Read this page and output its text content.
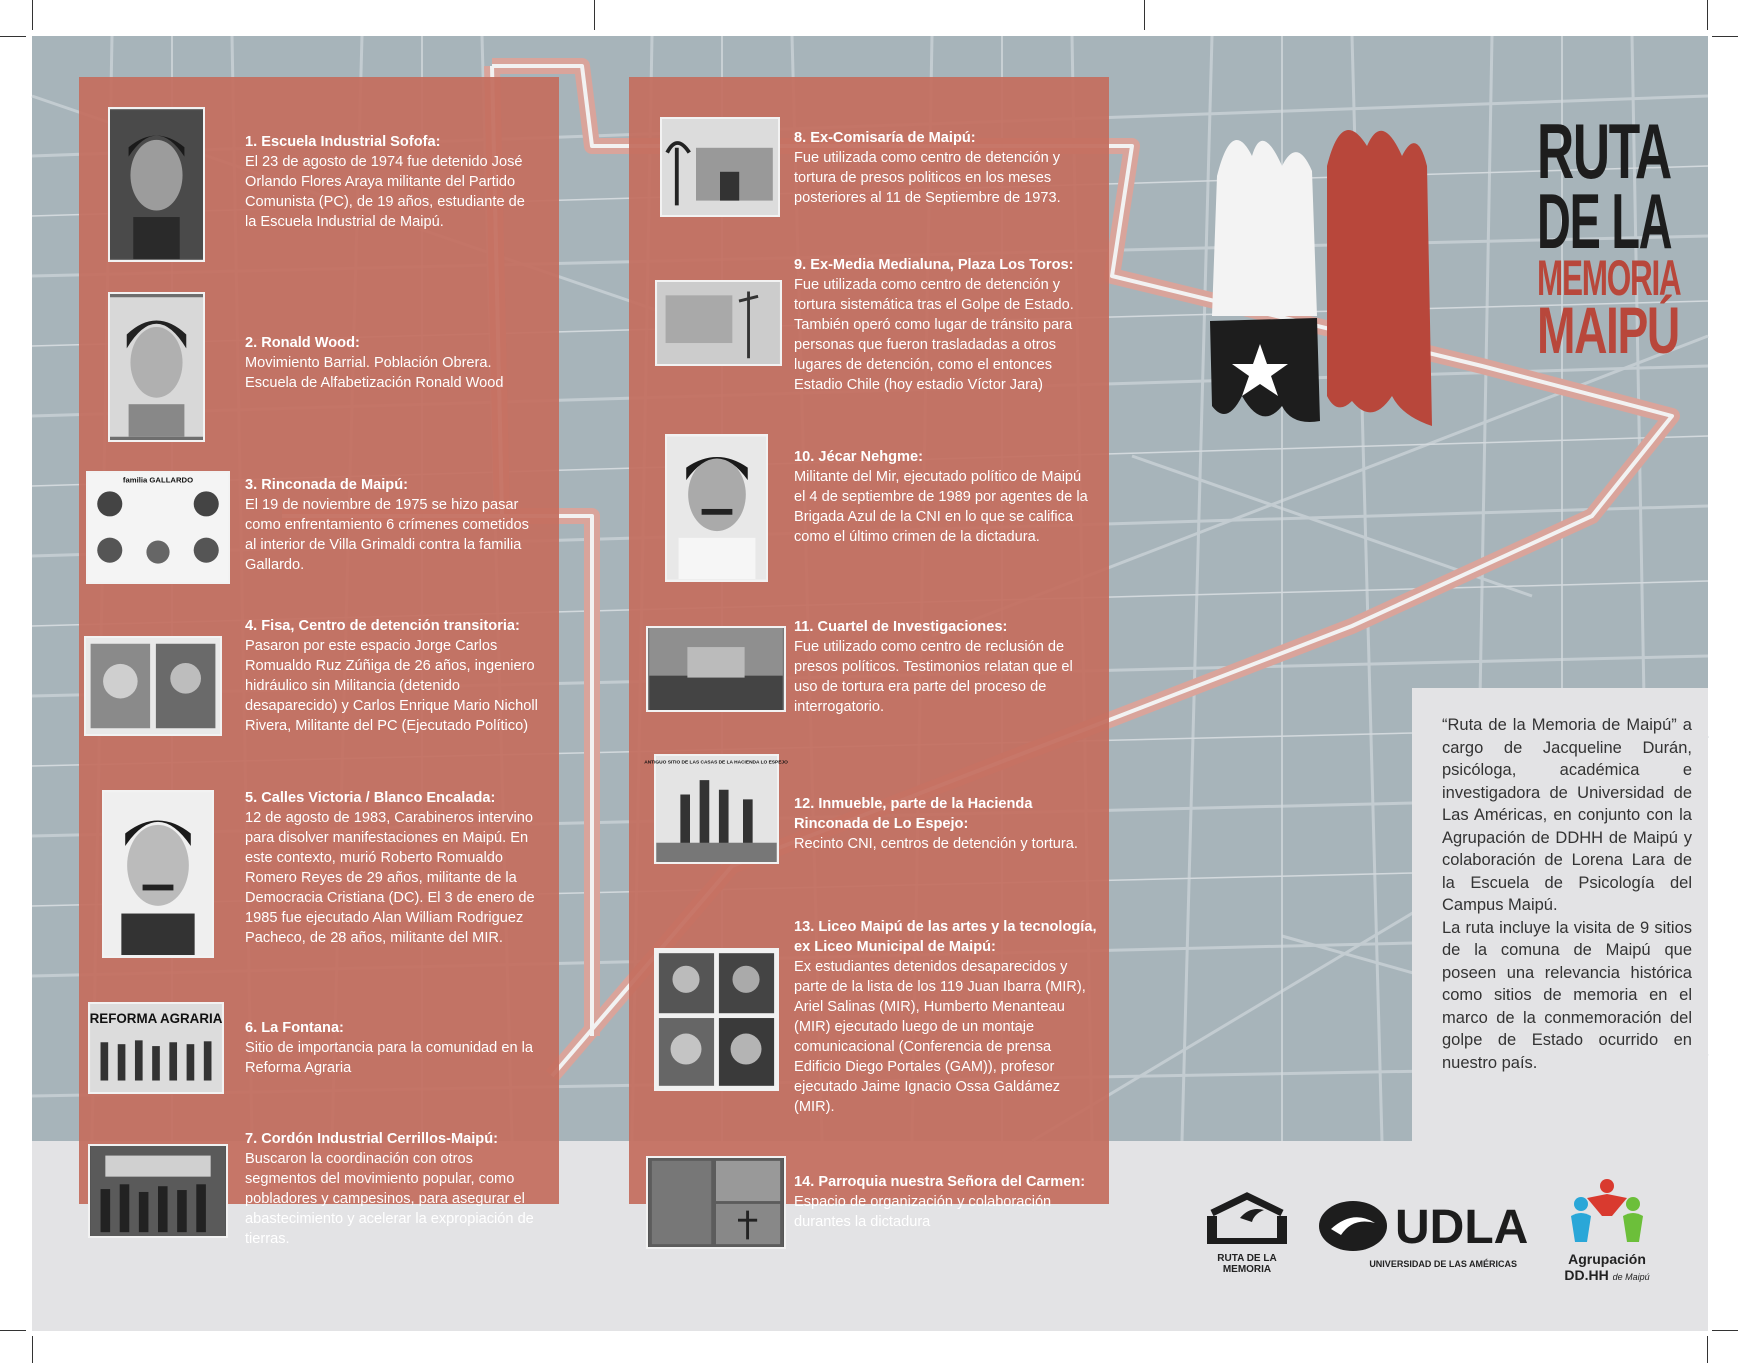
familia GALLARDO
REFORMA AGRARIA
1. Escuela Industrial Sofofa:
El 23 de agosto de 1974 fue detenido José Orlando Flores Araya militante del Partido Comunista (PC), de 19 años, estudiante de la Escuela Industrial de Maipú.
2. Ronald Wood:
Movimiento Barrial. Población Obrera. Escuela de Alfabetización Ronald Wood
3. Rinconada de Maipú:
El 19 de noviembre de 1975 se hizo pasar como enfrentamiento 6 crímenes cometidos al interior de Villa Grimaldi contra la familia Gallardo.
4. Fisa, Centro de detención transitoria:
Pasaron por este espacio Jorge Carlos Romualdo Ruz Zúñiga de 26 años, ingeniero hidráulico sin Militancia (detenido desaparecido) y Carlos Enrique Mario Nicholl Rivera, Militante del PC (Ejecutado Político)
5. Calles Victoria / Blanco Encalada:
12 de agosto de 1983, Carabineros intervino para disolver manifestaciones en Maipú. En este contexto, murió Roberto Romualdo Romero Reyes de 29 años, militante de la Democracia Cristiana (DC). El 3 de enero de 1985 fue ejecutado Alan William Rodriguez Pacheco, de 28 años, militante del MIR.
6. La Fontana:
Sitio de importancia para la comunidad en la Reforma Agraria
7. Cordón Industrial Cerrillos-Maipú:
Buscaron la coordinación con otros segmentos del movimiento popular, como pobladores y campesinos, para asegurar el abastecimiento y acelerar la expropiación de tierras.
ANTIGUO SITIO DE LAS CASAS DE LA HACIENDA LO ESPEJO
8. Ex-Comisaría de Maipú:
Fue utilizada como centro de detención y tortura de presos politicos en los meses posteriores al 11 de Septiembre de 1973.
9. Ex-Media Medialuna, Plaza Los Toros:
Fue utilizada como centro de detención y tortura sistemática tras el Golpe de Estado. También operó como lugar de tránsito para personas que fueron trasladadas a otros lugares de detención, como el entonces Estadio Chile (hoy estadio Víctor Jara)
10. Jécar Nehgme:
Militante del Mir, ejecutado político de Maipú el 4 de septiembre de 1989 por agentes de la Brigada Azul de la CNI en lo que se califica como el último crimen de la dictadura.
11. Cuartel de Investigaciones:
Fue utilizado como centro de reclusión de presos políticos. Testimonios relatan que el uso de tortura era parte del proceso de interrogatorio.
12. Inmueble, parte de la Hacienda Rinconada de Lo Espejo:
Recinto CNI, centros de detención y tortura.
13. Liceo Maipú de las artes y la tecnología, ex Liceo Municipal de Maipú:
Ex estudiantes detenidos desaparecidos y parte de la lista de los 119 Juan Ibarra (MIR), Ariel Salinas (MIR), Humberto Menanteau (MIR) ejecutado luego de un montaje comunicacional (Conferencia de prensa Edificio Diego Portales (GAM)), profesor ejecutado Jaime Ignacio Ossa Galdámez (MIR).
14. Parroquia nuestra Señora del Carmen:
Espacio de organización y colaboración durantes la dictadura
RUTA
DE LA
MEMORIA
MAIPÚ
“Ruta de la Memoria de Maipú” a cargo de Jacqueline Durán, psicóloga, académica e investigadora de Universidad de Las Américas, en conjunto con la Agrupación de DDHH de Maipú y colaboración de Lorena Lara de la Escuela de Psicología del Campus Maipú.
La ruta incluye la visita de 9 sitios de la comuna de Maipú que poseen una relevancia histórica como sitios de memoria en el marco de la conmemoración del golpe de Estado ocurrido en nuestro país.
RUTA DE LA MEMORIA
UDLA
UNIVERSIDAD DE LAS AMÉRICAS	Agrupación
DD.HH de Maipú
